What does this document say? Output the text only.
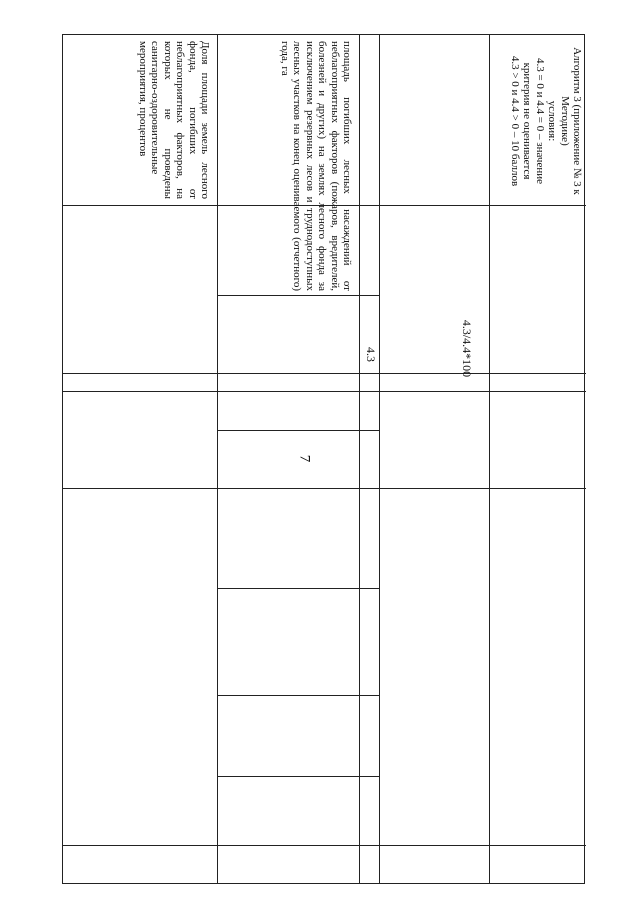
7
Доля площади земель лесного фонда, погибших от неблагоприятных факторов, на которых не проведены санитарно-оздоровительные мероприятия, процентов	площадь погибших лесных насаждений от неблагоприятных факторов (пожаров, вредителей, болезней и других) на землях лесного фонда за исключением резервных лесов и труднодоступных лесных участков на конец оцениваемого (отчетного) года, га
4.3	4.3/4.4*100
Алгоритм 3 (приложение № 3 к Методике)
условия:
4.3 = 0 и 4.4 = 0 – значение критерия не оценивается
4.3 > 0 и 4.4 > 0 – 10 баллов
